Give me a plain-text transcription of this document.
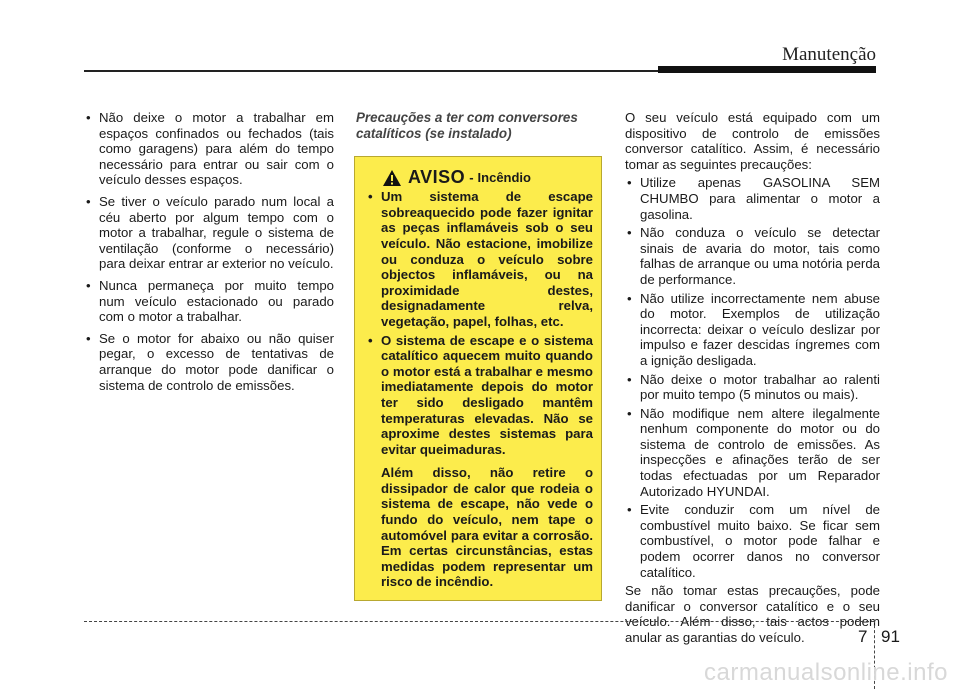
Manutenção
• Não deixe o motor a trabalhar em espaços confinados ou fechados (tais como garagens) para além do tempo necessário para entrar ou sair com o veículo desses espaços.
• Se tiver o veículo parado num local a céu aberto por algum tempo com o motor a trabalhar, regule o sistema de ventilação (conforme o necessário) para deixar entrar ar exterior no veículo.
• Nunca permaneça por muito tempo num veículo estacionado ou parado com o motor a trabalhar.
• Se o motor for abaixo ou não quiser pegar, o excesso de tentativas de arranque do motor pode danificar o sistema de controlo de emissões.
Precauções a ter com conversores catalíticos (se instalado)
AVISO - Incêndio
• Um sistema de escape sobreaquecido pode fazer ignitar as peças inflamáveis sob o seu veículo. Não estacione, imobilize ou conduza o veículo sobre objectos inflamáveis, ou na proximidade destes, designadamente relva, vegetação, papel, folhas, etc.
• O sistema de escape e o sistema catalítico aquecem muito quando o motor está a trabalhar e mesmo imediatamente depois do motor ter sido desligado mantêm temperaturas elevadas. Não se aproxime destes sistemas para evitar queimaduras.
Além disso, não retire o dissipador de calor que rodeia o sistema de escape, não vede o fundo do veículo, nem tape o automóvel para evitar a corrosão. Em certas circunstâncias, estas medidas podem representar um risco de incêndio.

O seu veículo está equipado com um dispositivo de controlo de emissões conversor catalítico. Assim, é necessário tomar as seguintes precauções:

• Utilize apenas GASOLINA SEM CHUMBO para alimentar o motor a gasolina.
• Não conduza o veículo se detectar sinais de avaria do motor, tais como falhas de arranque ou uma notória perda de performance.
• Não utilize incorrectamente nem abuse do motor. Exemplos de utilização incorrecta: deixar o veículo deslizar por impulso e fazer descidas íngremes com a ignição desligada.
• Não deixe o motor trabalhar ao ralenti por muito tempo (5 minutos ou mais).
• Não modifique nem altere ilegalmente nenhum componente do motor ou do sistema de controlo de emissões. As inspecções e afinações terão de ser todas efectuadas por um Reparador Autorizado HYUNDAI.
• Evite conduzir com um nível de combustível muito baixo. Se ficar sem combustível, o motor pode falhar e podem ocorrer danos no conversor catalítico.

Se não tomar estas precauções, pode danificar o conversor catalítico e o seu veículo. Além disso, tais actos podem anular as garantias do veículo.	7 91
carmanualsonline.info
